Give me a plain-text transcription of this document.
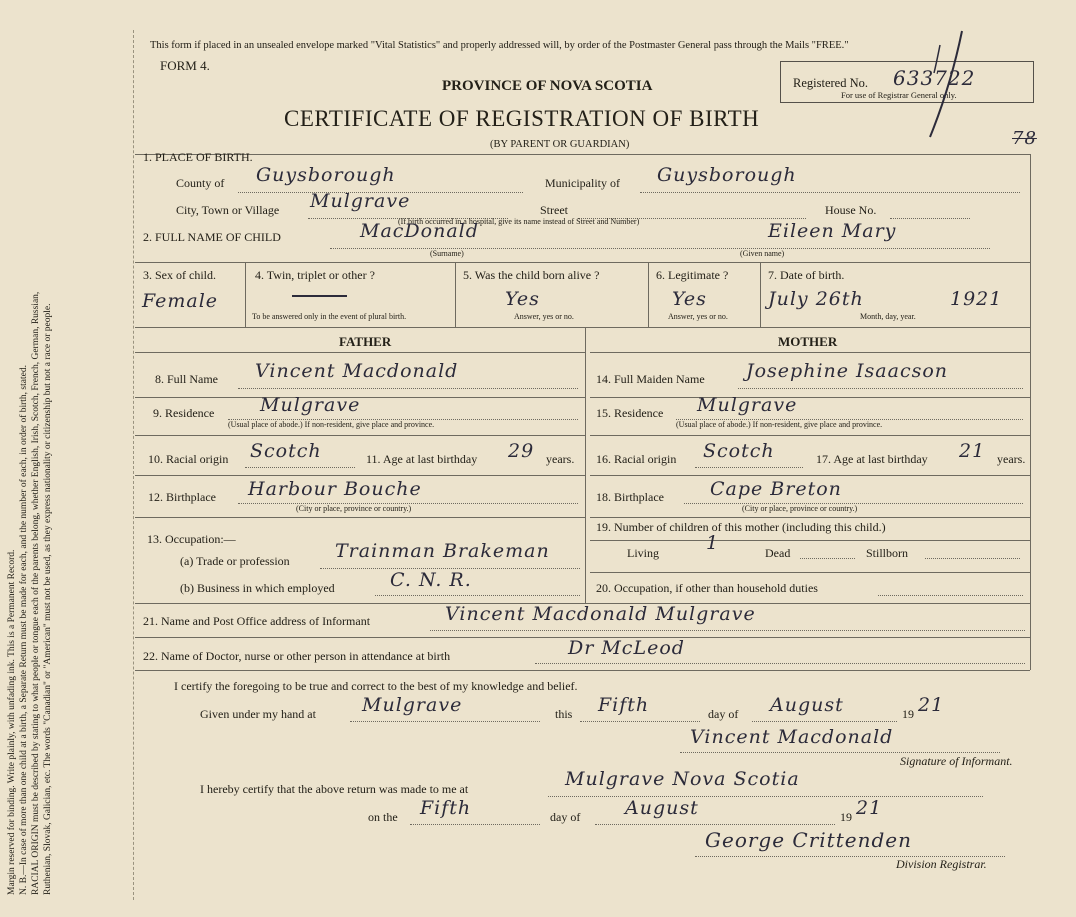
Margin reserved for binding. Write plainly, with unfading ink. This is a Permanent Record. N. B.—In case of more than one child at a birth, a Separate Return must be made for each, and the number of each, in order of birth, stated. RACIAL ORIGIN must be described by stating to what people or tongue each of the parents belong, whether English, Irish, Scotch, French, German, Russian, Ruthenian, Slovak, Galician, etc. The words "Canadian" or "American" must not be used, as they express nationality or citizenship but not a race or people.
This form if placed in an unsealed envelope marked "Vital Statistics" and properly addressed will, by order of the Postmaster General pass through the Mails "FREE."
FORM 4.
PROVINCE OF NOVA SCOTIA
CERTIFICATE OF REGISTRATION OF BIRTH
(BY PARENT OR GUARDIAN)
Registered No. 633722
For use of Registrar General only.
78
1. PLACE OF BIRTH.
County of Guysborough	Municipality of Guysborough
City, Town or Village Mulgrave	Street	House No.
(If birth occurred in a hospital, give its name instead of Street and Number)
2. FULL NAME OF CHILD	MacDonald
(Surname)
Eileen Mary
(Given name)
3. Sex of child.
Female
4. Twin, triplet or other ?
To be answered only in the event of plural birth.
5. Was the child born alive ?
Yes
Answer, yes or no.
6. Legitimate ?
Yes
Answer, yes or no.
7. Date of birth.
July 26th	1921
Month, day, year.
FATHER	MOTHER
8. Full Name Vincent Macdonald
9. Residence Mulgrave
(Usual place of abode.) If non-resident, give place and province.
10. Racial origin Scotch	11. Age at last birthday 29 years.
12. Birthplace Harbour Bouche
(City or place, province or country.)
14. Full Maiden Name Josephine Isaacson
15. Residence Mulgrave
(Usual place of abode.) If non-resident, give place and province.
16. Racial origin Scotch	17. Age at last birthday 21 years.
18. Birthplace Cape Breton
(City or place, province or country.)
13. Occupation:—
(a) Trade or profession Trainman Brakeman
(b) Business in which employed	C. N. R.
19. Number of children of this mother (including this child.)
Living 1	Dead	Stillborn
20. Occupation, if other than household duties
21. Name and Post Office address of Informant	Vincent Macdonald Mulgrave
22. Name of Doctor, nurse or other person in attendance at birth	Dr McLeod
I certify the foregoing to be true and correct to the best of my knowledge and belief.
Given under my hand at Mulgrave	this Fifth	day of August	19 21
Vincent Macdonald
Signature of Informant.
I hereby certify that the above return was made to me at	Mulgrave Nova Scotia
on the Fifth	day of August	19 21
George Crittenden
Division Registrar.
